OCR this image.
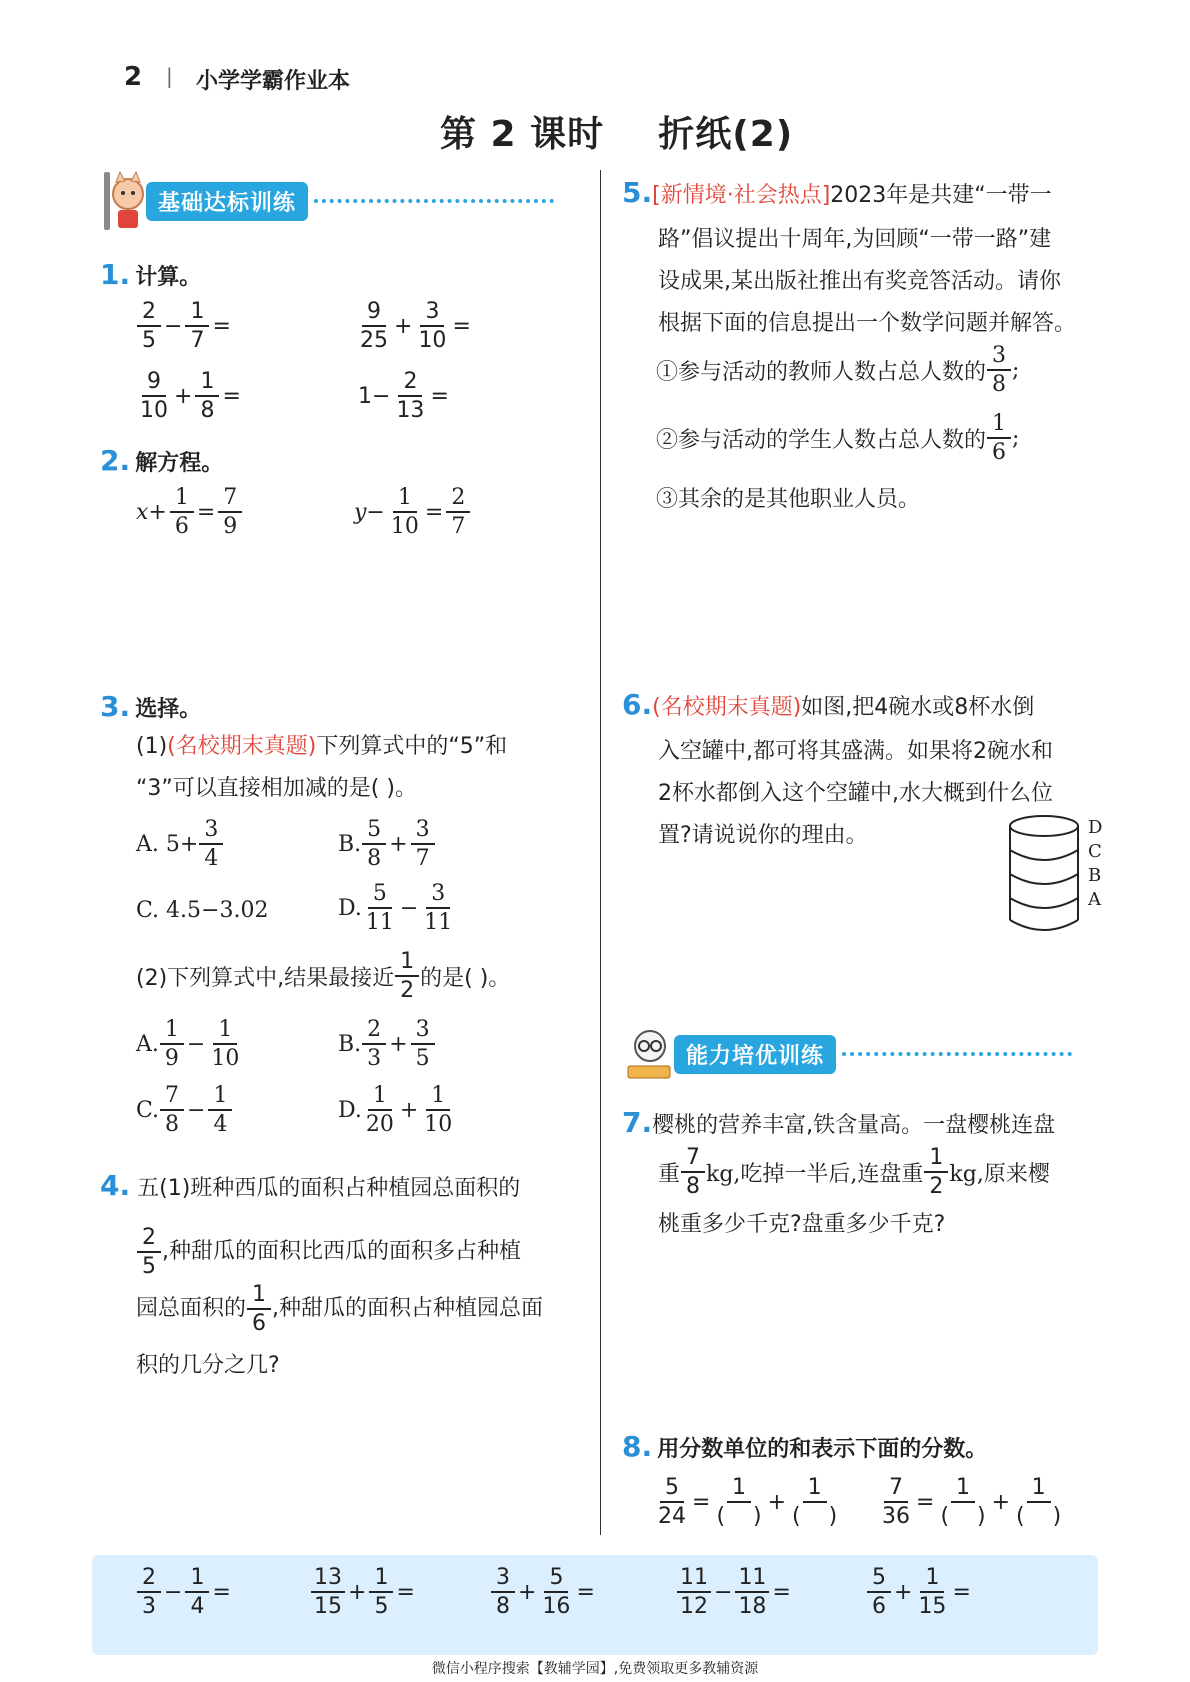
2 | 小学学霸作业本
第 2 课时    折纸(2)
基础达标训练
1. 计算。
$\frac{2}{5} - \frac{1}{7}$ =	$\frac{9}{25} + \frac{3}{10}$ =
$\frac{9}{10} + \frac{1}{8}$ =	$1- \frac{2}{13}$ =
2. 解方程。
$x+ \frac{1}{6} = \frac{7}{9}$	$y- \frac{1}{10} = \frac{2}{7}$
3. 选择。
(1)(名校期末真题)下列算式中的“5”和
“3”可以直接相加减的是( )。
A. $5+ \frac{3}{4}$	B. $\frac{5}{8} + \frac{3}{7}$
C. 4.5−3.02	D. $\frac{5}{11} - \frac{3}{11}$
(2)下列算式中,结果最接近 $\frac{1}{2}$ 的是( )。
A. $\frac{1}{9} - \frac{1}{10}$	B. $\frac{2}{3} + \frac{3}{5}$
C. $\frac{7}{8} - \frac{1}{4}$	D. $\frac{1}{20} + \frac{1}{10}$
4. 五(1)班种西瓜的面积占种植园总面积的

$\frac{2}{5}$ ,种甜瓜的面积比西瓜的面积多占种植
园总面积的 $\frac{1}{6}$ ,种甜瓜的面积占种植园总面
积的几分之几?
5.[新情境·社会热点]2023年是共建“一带一
路”倡议提出十周年,为回顾“一带一路”建
设成果,某出版社推出有奖竞答活动。请你
根据下面的信息提出一个数学问题并解答。
①参与活动的教师人数占总人数的 $\frac{3}{8}$ ;
②参与活动的学生人数占总人数的 $\frac{1}{6}$ ;
③其余的是其他职业人员。
6.(名校期末真题)如图,把4碗水或8杯水倒
入空罐中,都可将其盛满。如果将2碗水和
2杯水都倒入这个空罐中,水大概到什么位
置?请说说你的理由。	D
C
B
A
能力培优训练
7.樱桃的营养丰富,铁含量高。一盘樱桃连盘
重 $\frac{7}{8}$ kg,吃掉一半后,连盘重 $\frac{1}{2}$ kg,原来樱
桃重多少千克?盘重多少千克?
8. 用分数单位的和表示下面的分数。
$\frac{5}{24} = \frac{1}{( )} + \frac{1}{( )} \frac{7}{36} = \frac{1}{( )} + \frac{1}{( )}$
$\frac{2}{3} - \frac{1}{4}$ =	$\frac{13}{15} + \frac{1}{5}$ =	$\frac{3}{8} + \frac{5}{16}$ =	$\frac{11}{12} - \frac{11}{18}$ =	$\frac{5}{6} + \frac{1}{15}$ =
微信小程序搜索【教辅学园】,免费领取更多教辅资源
